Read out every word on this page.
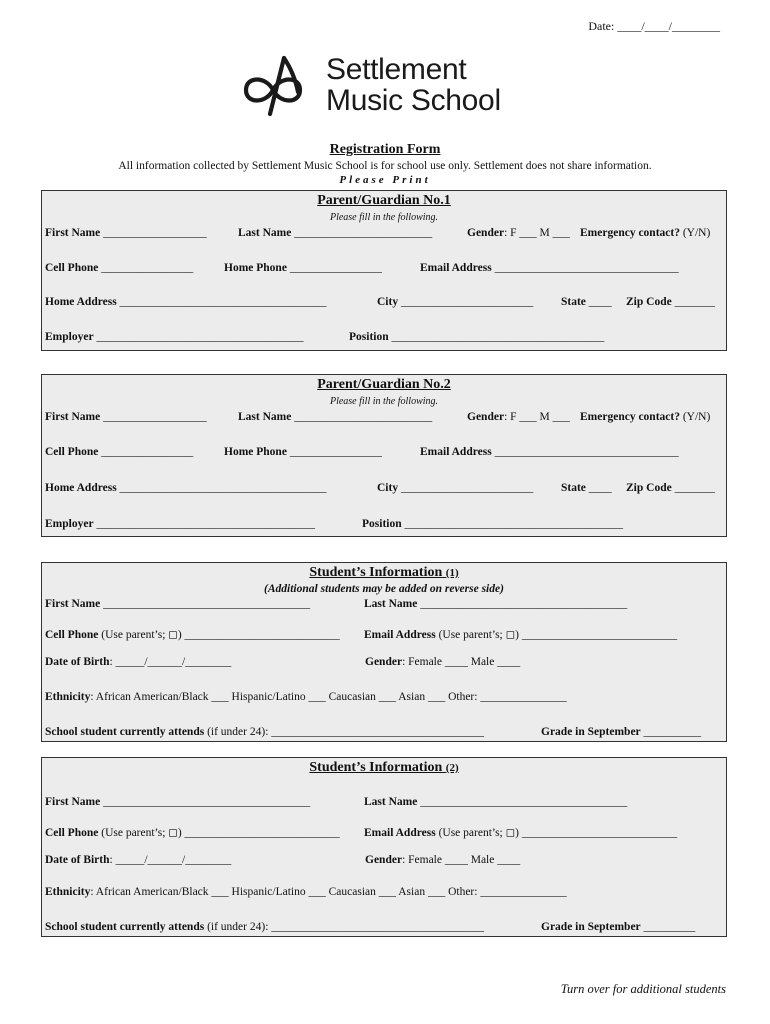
Date: ____/____/________
Settlement
Music School
Registration Form
All information collected by Settlement Music School is for school use only. Settlement does not share information.
Please Print
Parent/Guardian No.1
Please fill in the following.
First Name __________________	Last Name ________________________	Gender: F ___ M ___ Emergency contact? (Y/N)
Cell Phone ________________	Home Phone ________________	Email Address ________________________________
Home Address ____________________________________	City _______________________ State ____ Zip Code _______
Employer ____________________________________	Position _____________________________________
Parent/Guardian No.2
Please fill in the following.
First Name __________________	Last Name ________________________	Gender: F ___ M ___ Emergency contact? (Y/N)
Cell Phone ________________	Home Phone ________________	Email Address ________________________________
Home Address ____________________________________	City _______________________ State ____ Zip Code _______
Employer ______________________________________	Position ______________________________________
Student’s Information (1)
(Additional students may be added on reverse side)
First Name ____________________________________	Last Name ____________________________________
Cell Phone (Use parent’s; ◻) ___________________________ Email Address (Use parent’s; ◻) ___________________________
Date of Birth: _____/______/________	Gender: Female ____ Male ____
Ethnicity: African American/Black ___ Hispanic/Latino ___ Caucasian ___ Asian ___ Other: _______________
School student currently attends (if under 24): _____________________________________	Grade in September __________
Student’s Information (2)
First Name ____________________________________	Last Name ____________________________________
Cell Phone (Use parent’s; ◻) ___________________________ Email Address (Use parent’s; ◻) ___________________________
Date of Birth: _____/______/________	Gender: Female ____ Male ____
Ethnicity: African American/Black ___ Hispanic/Latino ___ Caucasian ___ Asian ___ Other: _______________
School student currently attends (if under 24): _____________________________________	Grade in September _________
Turn over for additional students
